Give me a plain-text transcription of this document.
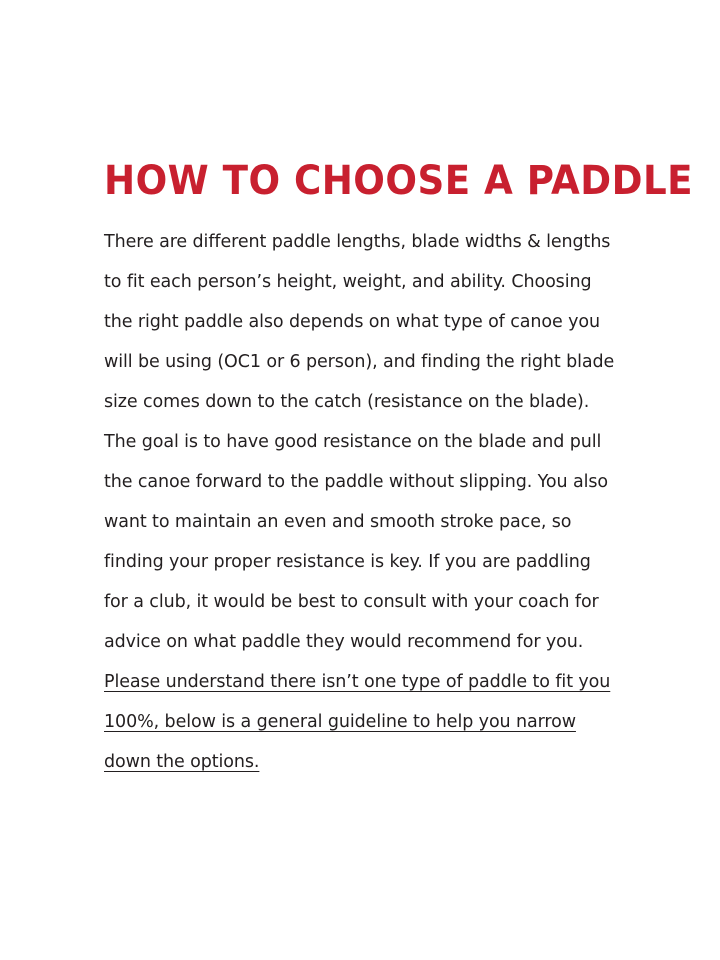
HOW TO CHOOSE A PADDLE

There are different paddle lengths, blade widths & lengths to fit each person’s height, weight, and ability. Choosing the right paddle also depends on what type of canoe you will be using (OC1 or 6 person), and finding the right blade size comes down to the catch (resistance on the blade). The goal is to have good resistance on the blade and pull the canoe forward to the paddle without slipping. You also want to maintain an even and smooth stroke pace, so finding your proper resistance is key. If you are paddling for a club, it would be best to consult with your coach for advice on what paddle they would recommend for you. Please understand there isn’t one type of paddle to fit you 100%, below is a general guideline to help you narrow down the options.
